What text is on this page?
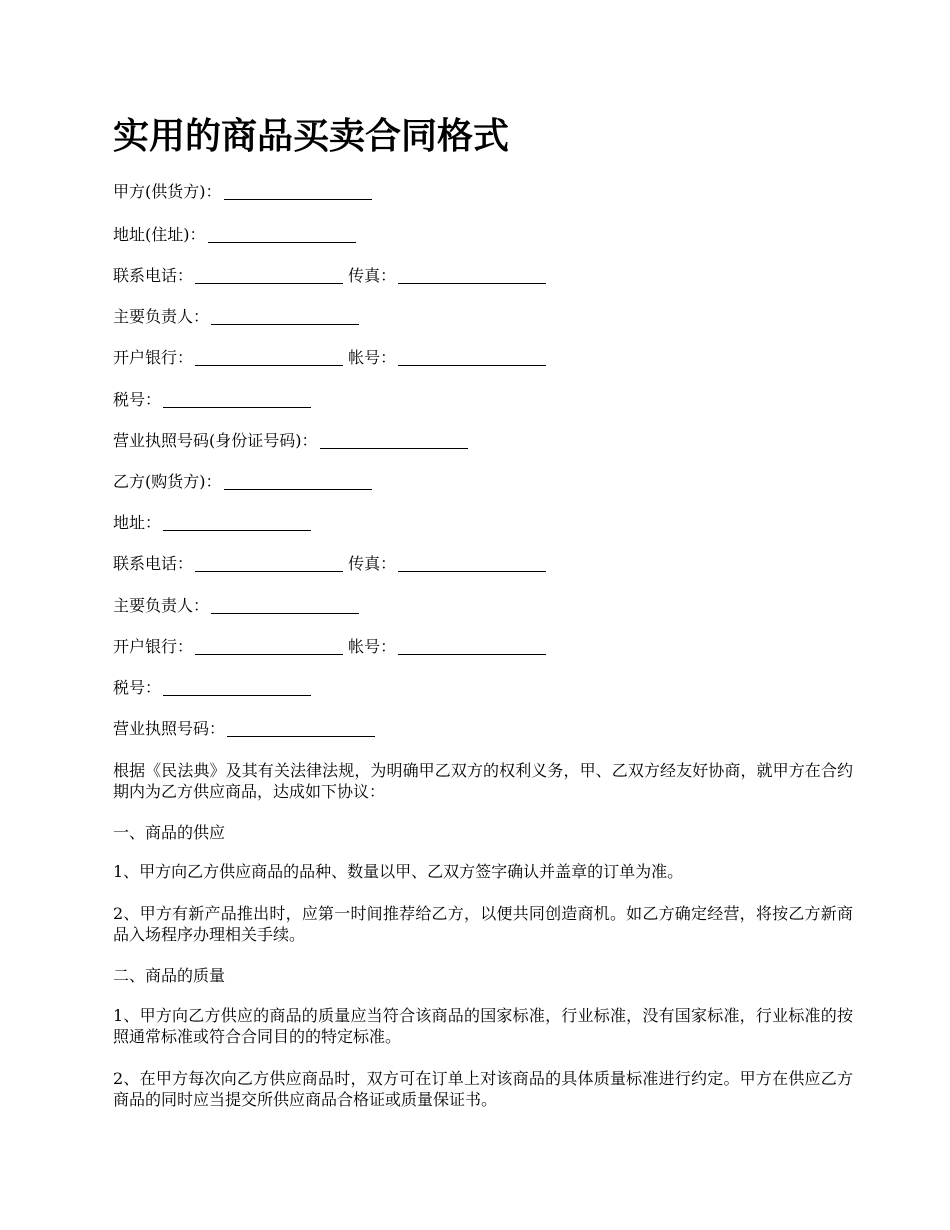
实用的商品买卖合同格式

甲方(供货方)：

地址(住址)：

联系电话：	传真：

主要负责人：

开户银行：	帐号：

税号：

营业执照号码(身份证号码)：

乙方(购货方)：

地址：

联系电话：	传真：

主要负责人：

开户银行：	帐号：

税号：

营业执照号码：

根据《民法典》及其有关法律法规，为明确甲乙双方的权利义务，甲、乙双方经友好协商，就甲方在合约期内为乙方供应商品，达成如下协议：

一、商品的供应

1、甲方向乙方供应商品的品种、数量以甲、乙双方签字确认并盖章的订单为准。

2、甲方有新产品推出时，应第一时间推荐给乙方，以便共同创造商机。如乙方确定经营，将按乙方新商品入场程序办理相关手续。

二、商品的质量

1、甲方向乙方供应的商品的质量应当符合该商品的国家标准，行业标准，没有国家标准，行业标准的按照通常标准或符合合同目的的特定标准。

2、在甲方每次向乙方供应商品时，双方可在订单上对该商品的具体质量标准进行约定。甲方在供应乙方商品的同时应当提交所供应商品合格证或质量保证书。
